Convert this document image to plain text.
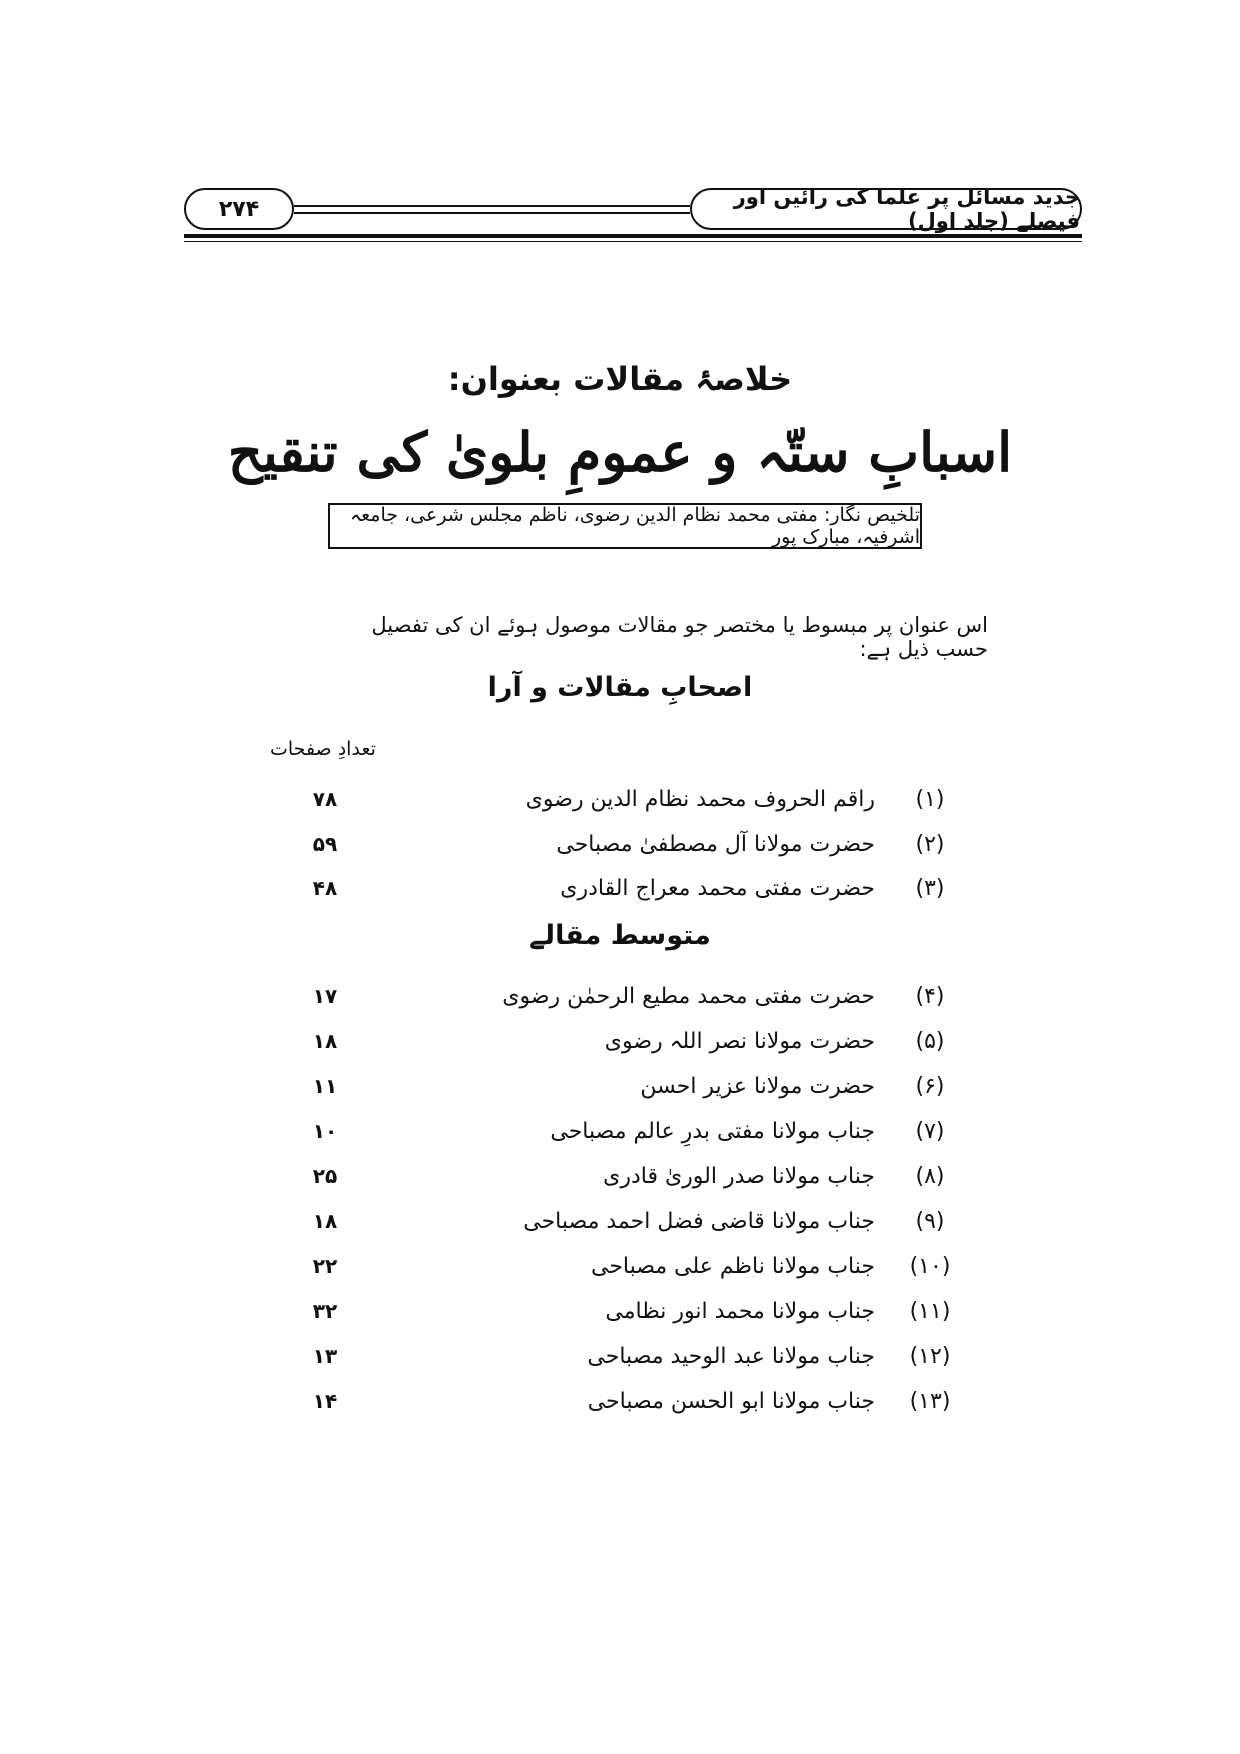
جدید مسائل پر علما کی رائیں اور فیصلے (جلد اول)
۲۷۴
خلاصۂ مقالات بعنوان:
اسبابِ ستّہ و عمومِ بلویٰ کی تنقیح
تلخیص نگار: مفتی محمد نظام الدین رضوی، ناظم مجلس شرعی، جامعہ اشرفیہ، مبارک پور
اس عنوان پر مبسوط یا مختصر جو مقالات موصول ہوئے ان کی تفصیل حسب ذیل ہے:
اصحابِ مقالات و آرا
تعدادِ صفحات
(۱)
راقم الحروف محمد نظام الدین رضوی
۷۸
(۲)
حضرت مولانا آل مصطفیٰ مصباحی
۵۹
(۳)
حضرت مفتی محمد معراج القادری
۴۸
متوسط مقالے
(۴)
حضرت مفتی محمد مطیع الرحمٰن رضوی
۱۷
(۵)
حضرت مولانا نصر اللہ رضوی
۱۸
(۶)
حضرت مولانا عزیر احسن
۱۱
(۷)
جناب مولانا مفتی بدرِ عالم مصباحی
۱۰
(۸)
جناب مولانا صدر الوریٰ قادری
۲۵
(۹)
جناب مولانا قاضی فضل احمد مصباحی
۱۸
(۱۰)
جناب مولانا ناظم علی مصباحی
۲۲
(۱۱)
جناب مولانا محمد انور نظامی
۳۲
(۱۲)
جناب مولانا عبد الوحید مصباحی
۱۳
(۱۳)
جناب مولانا ابو الحسن مصباحی
۱۴
